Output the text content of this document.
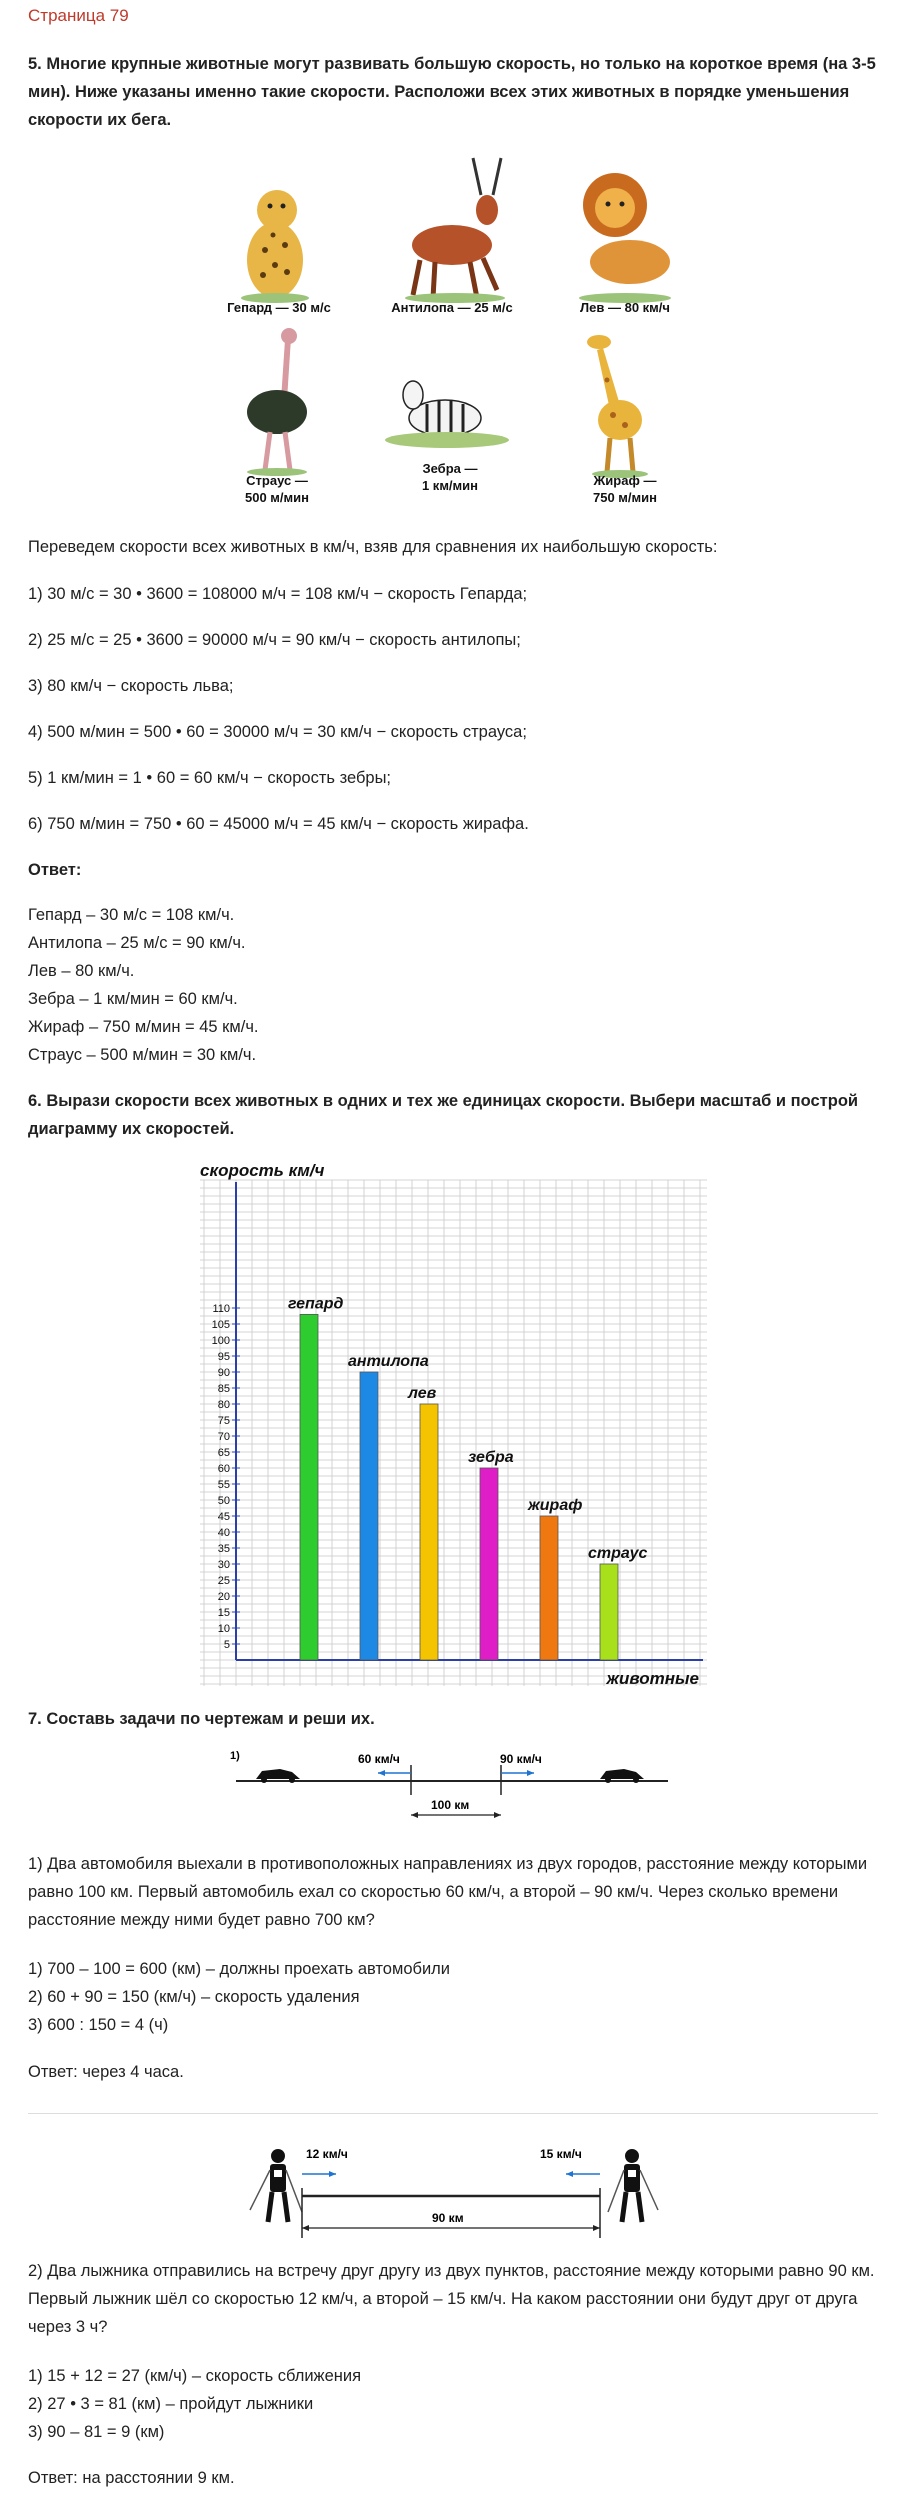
Страница 79
5. Многие крупные животные могут развивать большую скорость, но только на короткое время (на 3-5 мин). Ниже указаны именно такие скорости. Расположи всех этих животных в порядке уменьшения скорости их бега.
Гепард — 30 м/с	Антилопа — 25 м/с	Лев — 80 км/ч
Страус —
500 м/мин
Зебра —
1 км/мин	Жираф —
750 м/мин
Переведем скорости всех животных в км/ч, взяв для сравнения их наибольшую скорость:
1) 30 м/с = 30 • 3600 = 108000 м/ч = 108 км/ч − скорость Гепарда;
2) 25 м/с = 25 • 3600 = 90000 м/ч = 90 км/ч − скорость антилопы;
3) 80 км/ч − скорость льва;
4) 500 м/мин = 500 • 60 = 30000 м/ч = 30 км/ч − скорость страуса;
5) 1 км/мин = 1 • 60 = 60 км/ч − скорость зебры;
6) 750 м/мин = 750 • 60 = 45000 м/ч = 45 км/ч − скорость жирафа.
Ответ:
Гепард – 30 м/с = 108 км/ч.
Антилопа – 25 м/с = 90 км/ч.
Лев – 80 км/ч.
Зебра – 1 км/мин = 60 км/ч.
Жираф – 750 м/мин = 45 км/ч.
Страус – 500 м/мин = 30 км/ч.
6. Вырази скорости всех животных в одних и тех же единицах скорости. Выбери масштаб и построй диаграмму их скоростей.
5
10
15
20
25
30
35
40
45
50
55
60
65
70
75
80
85
90
95
100
105
110
скорость км/ч
животные
гепард
антилопа
лев
зебра
жираф
страус
7. Составь задачи по чертежам и реши их.
1)	60 км/ч	90 км/ч
100 км
1) Два автомобиля выехали в противоположных направлениях из двух городов, расстояние между которыми равно 100 км. Первый автомобиль ехал со скоростью 60 км/ч, а второй – 90 км/ч. Через сколько времени расстояние между ними будет равно 700 км?
1) 700 – 100 = 600 (км) – должны проехать автомобили
2) 60 + 90 = 150 (км/ч) – скорость удаления
3) 600 : 150 = 4 (ч)
Ответ: через 4 часа.
12 км/ч	15 км/ч
90 км
2) Два лыжника отправились на встречу друг другу из двух пунктов, расстояние между которыми равно 90 км. Первый лыжник шёл со скоростью 12 км/ч, а второй – 15 км/ч. На каком расстоянии они будут друг от друга через 3 ч?
1) 15 + 12 = 27 (км/ч) – скорость сближения
2) 27 • 3 = 81 (км) – пройдут лыжники
3) 90 – 81 = 9 (км)
Ответ: на расстоянии 9 км.
